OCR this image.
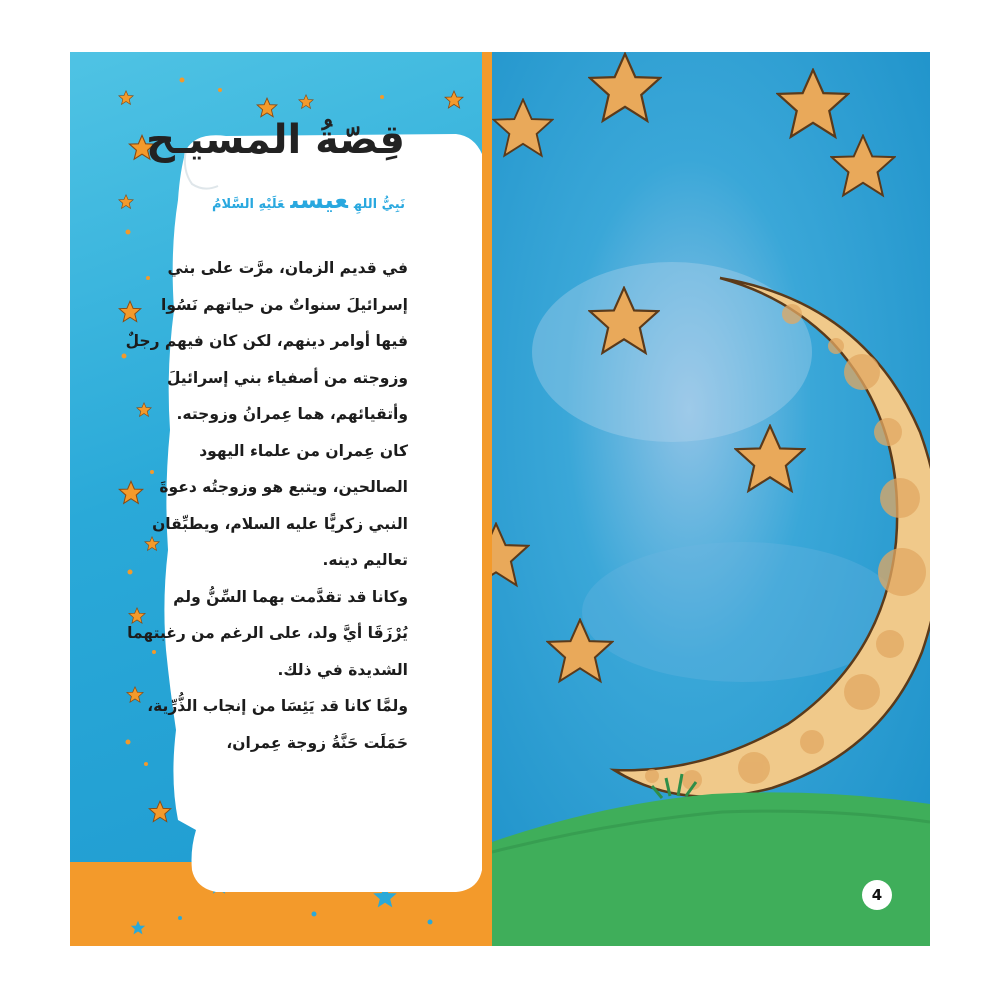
قِصّةُ المسيـح
نَبِيُّ اللهِعيسىعَلَيْهِ السَّلامُ
في قديم الزمان، مرَّت على بني
إسرائيلَ سنواتٌ من حياتهم نَسُوا
فيها أوامر دينهم، لكن كان فيهم رجلٌ
وزوجته من أصفياء بني إسرائيلَ
وأتقيائهم، هما عِمرانُ وزوجته.
كان عِمران من علماء اليهود
الصالحين، ويتبع هو وزوجتُه دعوةَ
النبي زكريًّا عليه السلام، ويطبِّقان
تعاليم دينه.
وكانا قد تقدَّمت بهما السِّنُّ ولم
يُرْزَقَا أيَّ ولد، على الرغم من رغبتهما
الشديدة في ذلك.
ولمَّا كانا قد يَئِسَا من إنجاب الذُّرِّية،
حَمَلَت حَنَّةُ زوجة عِمران،
4
